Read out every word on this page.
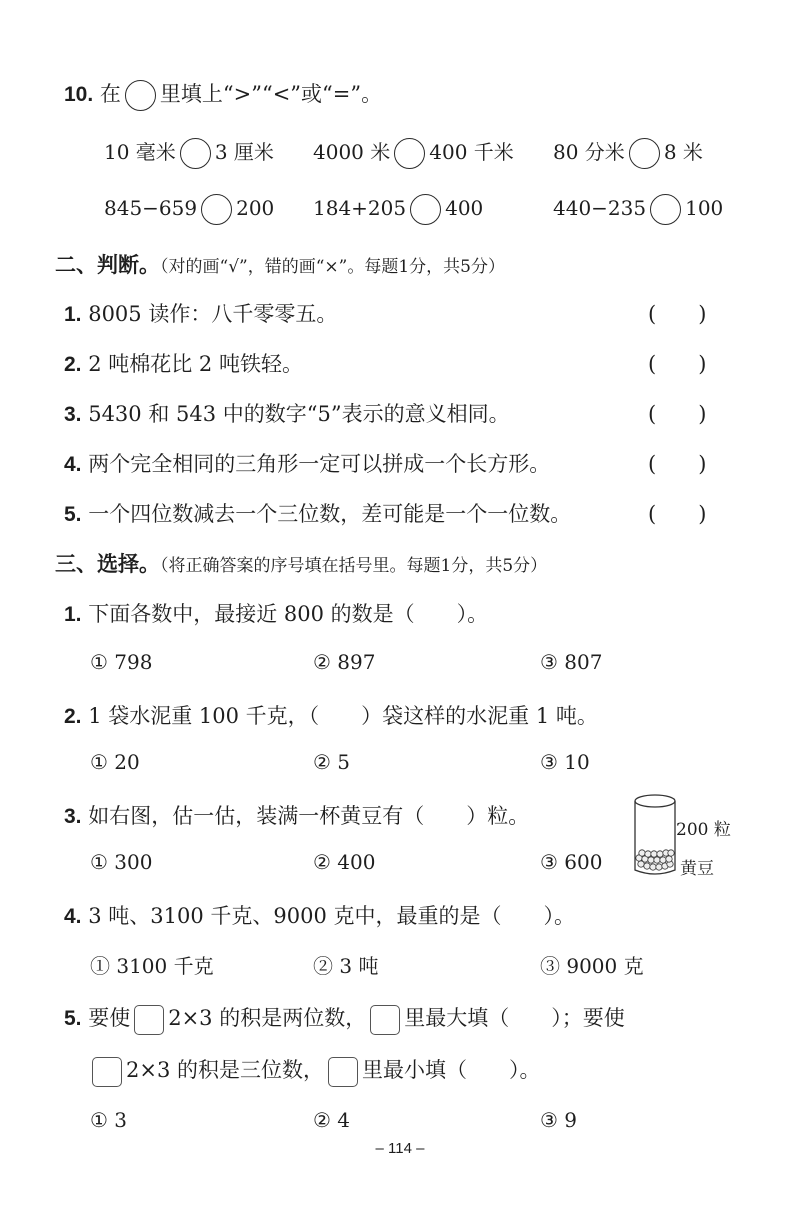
10. 在 里填上“>”“<”或“=”。
10 毫米 3 厘米 4000 米 400 千米 80 分米 8 米
845−659 200 184+205 400	440−235 100
二、判断。（对的画“√”，错的画“×”。每题1分，共5分）
1. 8005 读作：八千零零五。	(　　)
2. 2 吨棉花比 2 吨铁轻。	(　　)
3. 5430 和 543 中的数字“5”表示的意义相同。	(　　)
4. 两个完全相同的三角形一定可以拼成一个长方形。	(　　)
5. 一个四位数减去一个三位数，差可能是一个一位数。	(　　)
三、选择。（将正确答案的序号填在括号里。每题1分，共5分）
1. 下面各数中，最接近 800 的数是（　　）。
① 798	② 897	③ 807
2. 1 袋水泥重 100 千克，（　　）袋这样的水泥重 1 吨。
① 20	② 5	③ 10
3. 如右图，估一估，装满一杯黄豆有（　　）粒。
① 300	② 400	③ 600
200 粒
黄豆
4. 3 吨、3100 千克、9000 克中，最重的是（　　）。
① 3100 千克	② 3 吨	③ 9000 克
5. 要使 2×3 的积是两位数， 里最大填（　　）；要使
2×3 的积是三位数， 里最小填（　　）。
① 3	② 4	③ 9
– 114 –
